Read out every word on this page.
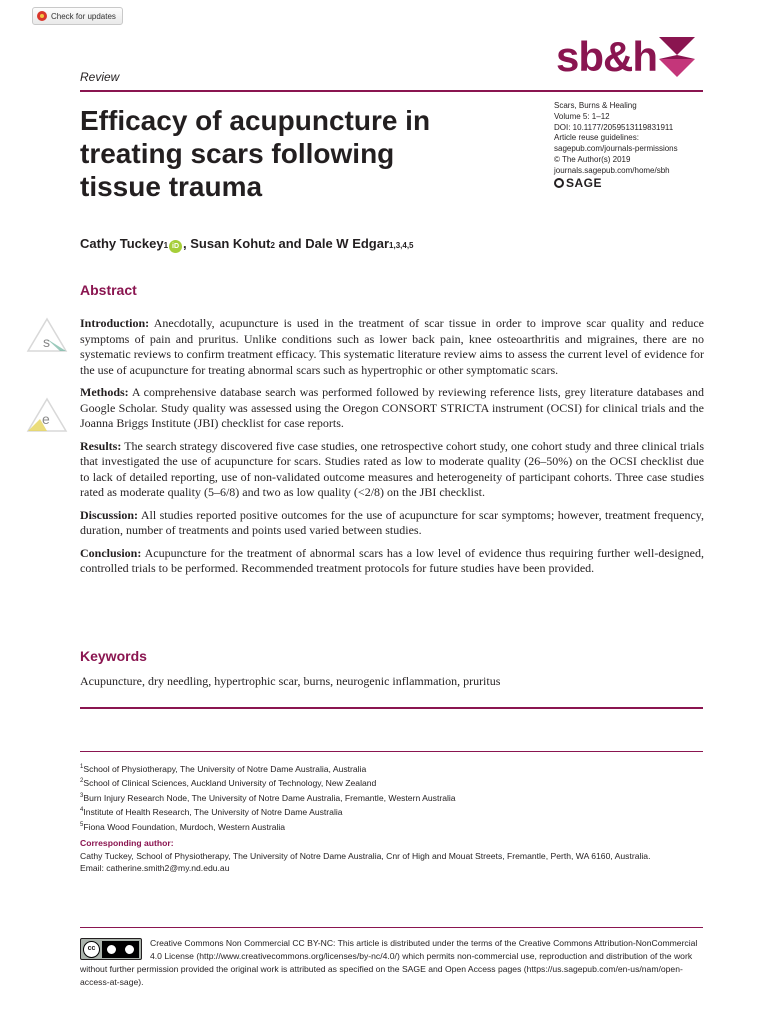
Check for updates
sb&h
Review
Efficacy of acupuncture in treating scars following tissue trauma
Scars, Burns & Healing
Volume 5: 1–12
DOI: 10.1177/2059513119831911
Article reuse guidelines:
sagepub.com/journals-permissions
© The Author(s) 2019
journals.sagepub.com/home/sbh
SAGE
Cathy Tuckey 1 iD , Susan Kohut 2 and Dale W Edgar 1,3,4,5
Abstract
s
e

Introduction: Anecdotally, acupuncture is used in the treatment of scar tissue in order to improve scar quality and reduce symptoms of pain and pruritus. Unlike conditions such as lower back pain, knee osteoarthritis and migraines, there are no systematic reviews to confirm treatment efficacy. This systematic literature review aims to assess the current level of evidence for the use of acupuncture for treating abnormal scars such as hypertrophic or other symptomatic scars.

Methods: A comprehensive database search was performed followed by reviewing reference lists, grey literature databases and Google Scholar. Study quality was assessed using the Oregon CONSORT STRICTA instrument (OCSI) for clinical trials and the Joanna Briggs Institute (JBI) checklist for case reports.

Results: The search strategy discovered five case studies, one retrospective cohort study, one cohort study and three clinical trials that investigated the use of acupuncture for scars. Studies rated as low to moderate quality (26–50%) on the OCSI checklist due to lack of detailed reporting, use of non-validated outcome measures and heterogeneity of participant cohorts. Three case studies rated as moderate quality (5–6/8) and two as low quality (<2/8) on the JBI checklist.

Discussion: All studies reported positive outcomes for the use of acupuncture for scar symptoms; however, treatment frequency, duration, number of treatments and points used varied between studies.

Conclusion: Acupuncture for the treatment of abnormal scars has a low level of evidence thus requiring further well-designed, controlled trials to be performed. Recommended treatment protocols for future studies have been provided.

Keywords
Acupuncture, dry needling, hypertrophic scar, burns, neurogenic inflammation, pruritus
$^1$School of Physiotherapy, The University of Notre Dame Australia, Australia
$^2$School of Clinical Sciences, Auckland University of Technology, New Zealand
$^3$Burn Injury Research Node, The University of Notre Dame Australia, Fremantle, Western Australia
$^4$Institute of Health Research, The University of Notre Dame Australia
$^5$Fiona Wood Foundation, Murdoch, Western Australia
Corresponding author:
Cathy Tuckey, School of Physiotherapy, The University of Notre Dame Australia, Cnr of High and Mouat Streets, Fremantle, Perth, WA 6160, Australia.
Email: catherine.smith2@my.nd.edu.au
cc	Creative Commons Non Commercial CC BY-NC: This article is distributed under the terms of the Creative Commons Attribution-NonCommercial 4.0 License (http://www.creativecommons.org/licenses/by-nc/4.0/) which permits non-commercial use, reproduction and distribution of the work without further permission provided the original work is attributed as specified on the SAGE and Open Access pages (https://us.sagepub.com/en-us/nam/open-access-at-sage).
